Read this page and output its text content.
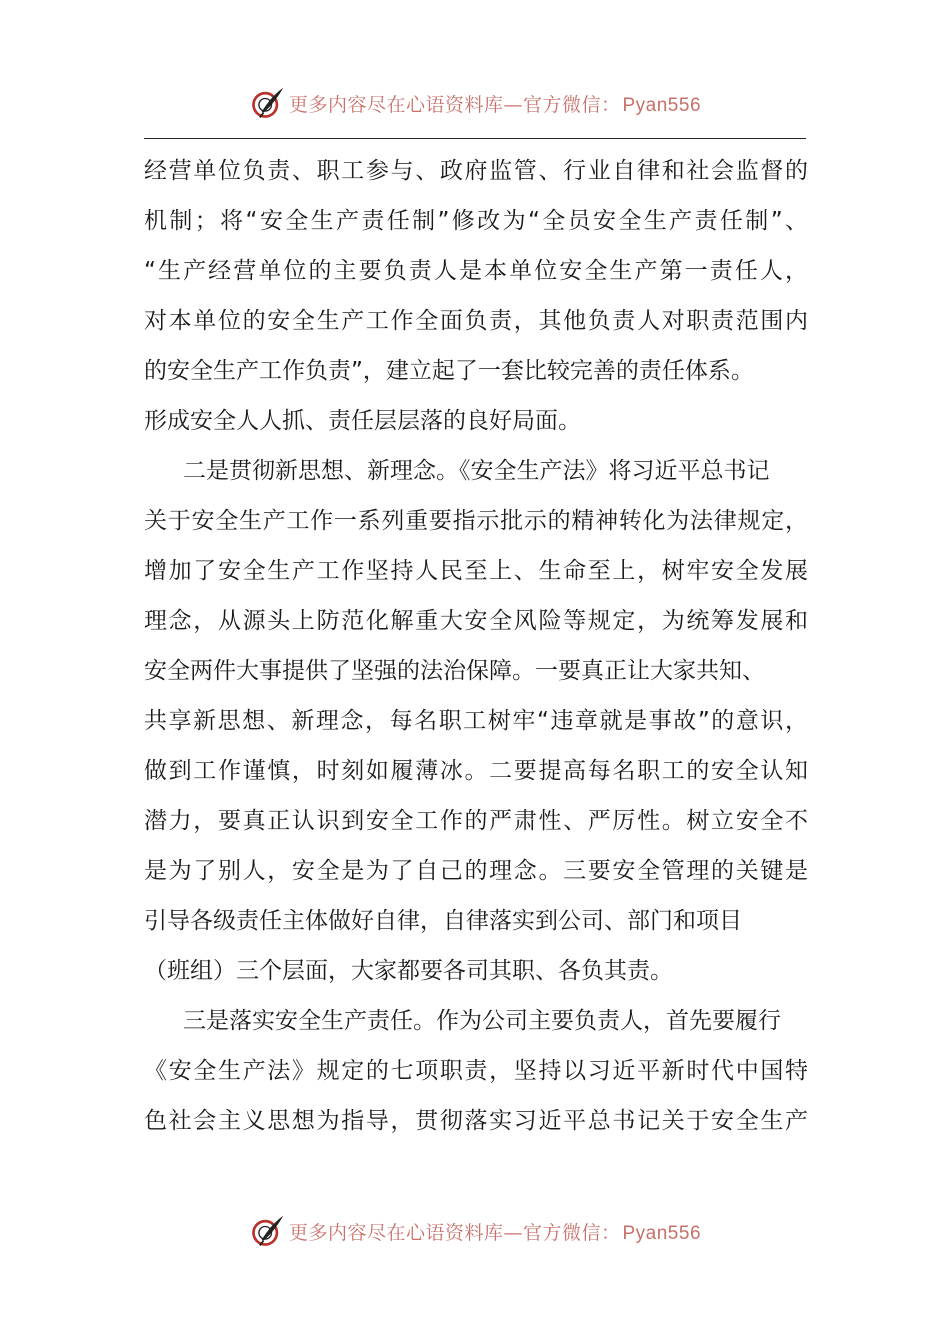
更多内容尽在心语资料库—官方微信： Pyan556
经营单位负责、职工参与、政府监管、行业自律和社会监督的
机制；将“安全生产责任制”修改为“全员安全生产责任制”、
“生产经营单位的主要负责人是本单位安全生产第一责任人，
对本单位的安全生产工作全面负责，其他负责人对职责范围内
的安全生产工作负责”，建立起了一套比较完善的责任体系。
形成安全人人抓、责任层层落的良好局面。
二是贯彻新思想、新理念。《安全生产法》将习近平总书记
关于安全生产工作一系列重要指示批示的精神转化为法律规定，
增加了安全生产工作坚持人民至上、生命至上，树牢安全发展
理念，从源头上防范化解重大安全风险等规定，为统筹发展和
安全两件大事提供了坚强的法治保障。一要真正让大家共知、
共享新思想、新理念，每名职工树牢“违章就是事故”的意识，
做到工作谨慎，时刻如履薄冰。二要提高每名职工的安全认知
潜力，要真正认识到安全工作的严肃性、严厉性。树立安全不
是为了别人，安全是为了自己的理念。三要安全管理的关键是
引导各级责任主体做好自律，自律落实到公司、部门和项目
（班组）三个层面，大家都要各司其职、各负其责。
三是落实安全生产责任。作为公司主要负责人，首先要履行
《安全生产法》规定的七项职责，坚持以习近平新时代中国特
色社会主义思想为指导，贯彻落实习近平总书记关于安全生产
更多内容尽在心语资料库—官方微信： Pyan556
